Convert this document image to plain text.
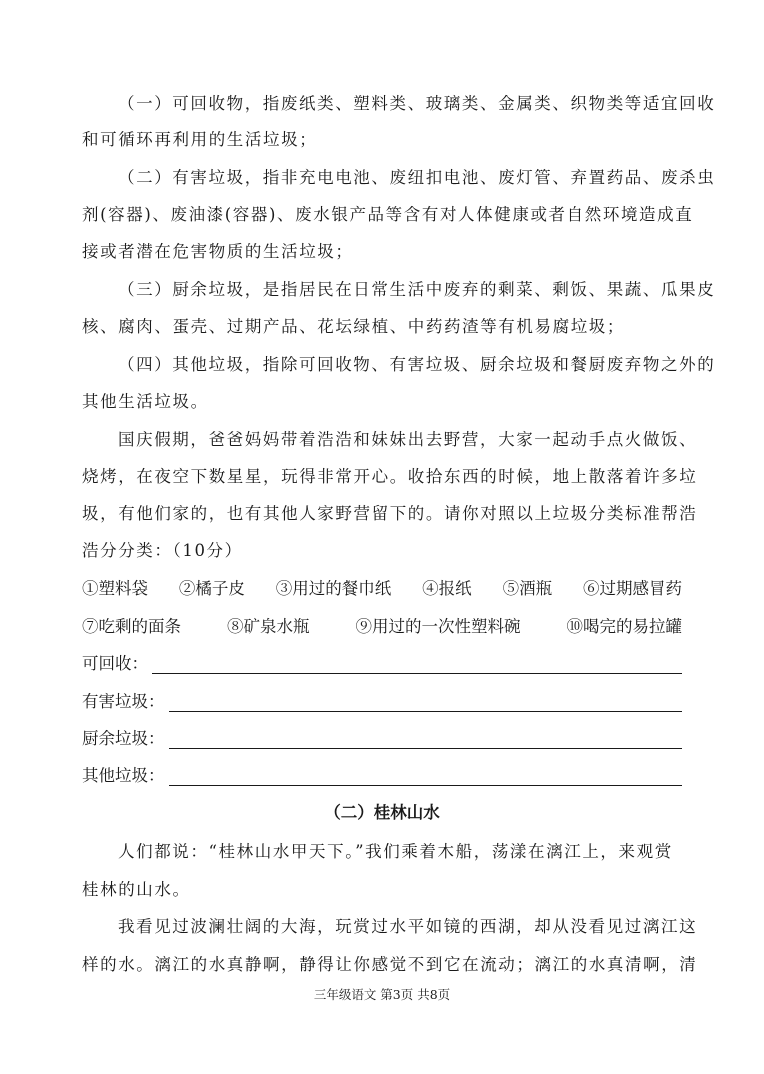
（一）可回收物，指废纸类、塑料类、玻璃类、金属类、织物类等适宜回收
和可循环再利用的生活垃圾；
（二）有害垃圾，指非充电电池、废纽扣电池、废灯管、弃置药品、废杀虫
剂(容器)、废油漆(容器)、废水银产品等含有对人体健康或者自然环境造成直
接或者潜在危害物质的生活垃圾；
（三）厨余垃圾，是指居民在日常生活中废弃的剩菜、剩饭、果蔬、瓜果皮
核、腐肉、蛋壳、过期产品、花坛绿植、中药药渣等有机易腐垃圾；
（四）其他垃圾，指除可回收物、有害垃圾、厨余垃圾和餐厨废弃物之外的
其他生活垃圾。
国庆假期，爸爸妈妈带着浩浩和妹妹出去野营，大家一起动手点火做饭、
烧烤，在夜空下数星星，玩得非常开心。收拾东西的时候，地上散落着许多垃
圾，有他们家的，也有其他人家野营留下的。请你对照以上垃圾分类标准帮浩
浩分分类：（10分）
①塑料袋 ②橘子皮 ③用过的餐巾纸 ④报纸 ⑤酒瓶 ⑥过期感冒药
⑦吃剩的面条	⑧矿泉水瓶	⑨用过的一次性塑料碗	⑩喝完的易拉罐
可回收：
有害垃圾：
厨余垃圾：
其他垃圾：
（二）桂林山水
人们都说：“桂林山水甲天下。”我们乘着木船，荡漾在漓江上，来观赏
桂林的山水。
我看见过波澜壮阔的大海，玩赏过水平如镜的西湖，却从没看见过漓江这
样的水。漓江的水真静啊，静得让你感觉不到它在流动；漓江的水真清啊，清
三年级语文 第3页 共8页
